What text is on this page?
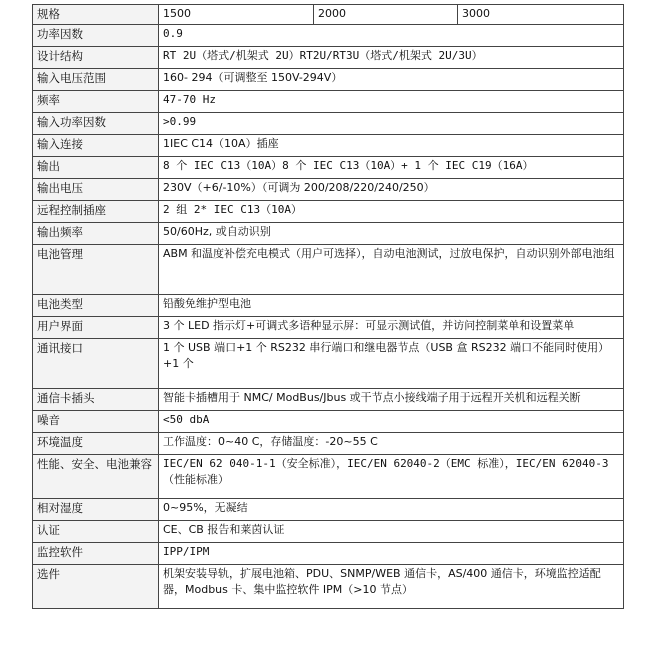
规格	1500	2000	3000
功率因数	0.9		
设计结构	RT 2U（塔式/机架式 2U）RT2U/RT3U（塔式/机架式 2U/3U）		
输入电压范围	160- 294（可调整至 150V-294V）		
频率	47-70 Hz		
输入功率因数	>0.99		
输入连接	1IEC C14（10A）插座		
输出	8 个 IEC C13（10A）8 个 IEC C13（10A）+ 1 个 IEC C19（16A）		
输出电压	230V（+6/-10%）（可调为 200/208/220/240/250）		
远程控制插座	2 组 2* IEC C13（10A）		
输出频率	50/60Hz, 或自动识别		
电池管理	ABM 和温度补偿充电模式（用户可选择），自动电池测试，过放电保护，自动识别外部电池组		
电池类型	铅酸免维护型电池		
用户界面	3 个 LED 指示灯+可调式多语种显示屏：可显示测试值，并访问控制菜单和设置菜单		
通讯接口	1 个 USB 端口+1 个 RS232 串行端口和继电器节点（USB 盒 RS232 端口不能同时使用）+1 个		
通信卡插头	智能卡插槽用于 NMC/ ModBus/Jbus 或干节点小接线端子用于远程开关机和远程关断		
噪音	<50 dbA		
环境温度	工作温度：0~40 C，存储温度：-20~55 C		
性能、安全、电池兼容	IEC/EN 62 040-1-1（安全标准），IEC/EN 62040-2（EMC 标准），IEC/EN 62040-3（性能标准）		
相对湿度	0~95%，无凝结		
认证	CE、CB 报告和莱茵认证		
监控软件	IPP/IPM		
选件	机架安装导轨，扩展电池箱、PDU、SNMP/WEB 通信卡，AS/400 通信卡，环境监控适配器，Modbus 卡、集中监控软件 IPM（>10 节点）		
